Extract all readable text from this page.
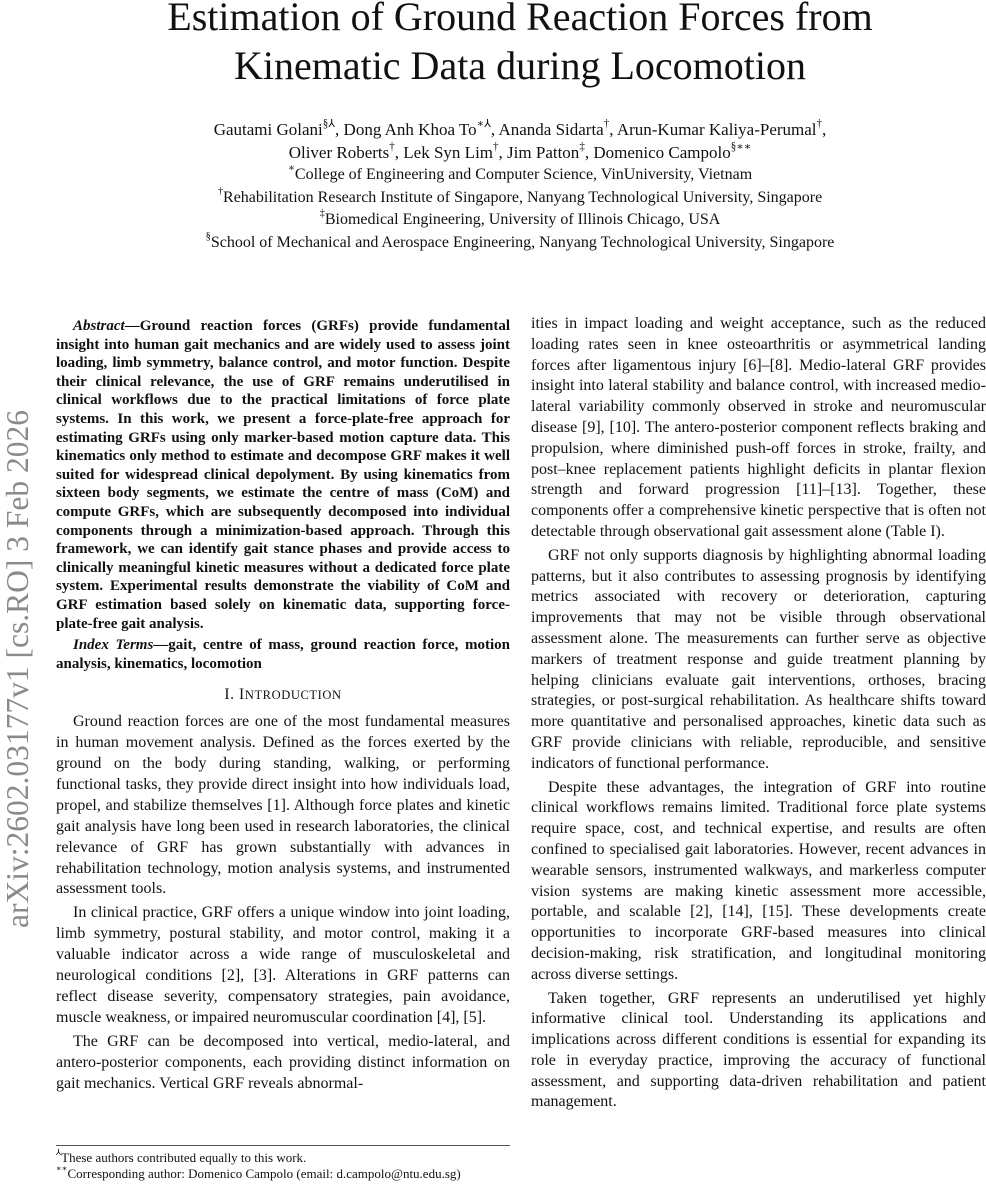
Estimation of Ground Reaction Forces from Kinematic Data during Locomotion
Gautami Golani§⅄, Dong Anh Khoa To∗⅄, Ananda Sidarta†, Arun-Kumar Kaliya-Perumal†,
Oliver Roberts†, Lek Syn Lim†, Jim Patton‡, Domenico Campolo§∗∗
∗College of Engineering and Computer Science, VinUniversity, Vietnam
†Rehabilitation Research Institute of Singapore, Nanyang Technological University, Singapore
‡Biomedical Engineering, University of Illinois Chicago, USA
§School of Mechanical and Aerospace Engineering, Nanyang Technological University, Singapore
arXiv:2602.03177v1 [cs.RO] 3 Feb 2026

Abstract—Ground reaction forces (GRFs) provide fundamental insight into human gait mechanics and are widely used to assess joint loading, limb symmetry, balance control, and motor function. Despite their clinical relevance, the use of GRF remains underutilised in clinical workflows due to the practical limitations of force plate systems. In this work, we present a force-plate-free approach for estimating GRFs using only marker-based motion capture data. This kinematics only method to estimate and decompose GRF makes it well suited for widespread clinical depolyment. By using kinematics from sixteen body segments, we estimate the centre of mass (CoM) and compute GRFs, which are subsequently decomposed into individual components through a minimization-based approach. Through this framework, we can identify gait stance phases and provide access to clinically meaningful kinetic measures without a dedicated force plate system. Experimental results demonstrate the viability of CoM and GRF estimation based solely on kinematic data, supporting force-plate-free gait analysis.

Index Terms—gait, centre of mass, ground reaction force, motion analysis, kinematics, locomotion

I. INTRODUCTION

Ground reaction forces are one of the most fundamental measures in human movement analysis. Defined as the forces exerted by the ground on the body during standing, walking, or performing functional tasks, they provide direct insight into how individuals load, propel, and stabilize themselves [1]. Although force plates and kinetic gait analysis have long been used in research laboratories, the clinical relevance of GRF has grown substantially with advances in rehabilitation technology, motion analysis systems, and instrumented assessment tools.

In clinical practice, GRF offers a unique window into joint loading, limb symmetry, postural stability, and motor control, making it a valuable indicator across a wide range of musculoskeletal and neurological conditions [2], [3]. Alterations in GRF patterns can reflect disease severity, compensatory strategies, pain avoidance, muscle weakness, or impaired neuromuscular coordination [4], [5].

The GRF can be decomposed into vertical, medio-lateral, and antero-posterior components, each providing distinct information on gait mechanics. Vertical GRF reveals abnormal-

ities in impact loading and weight acceptance, such as the reduced loading rates seen in knee osteoarthritis or asymmetrical landing forces after ligamentous injury [6]–[8]. Medio-lateral GRF provides insight into lateral stability and balance control, with increased medio-lateral variability commonly observed in stroke and neuromuscular disease [9], [10]. The antero-posterior component reflects braking and propulsion, where diminished push-off forces in stroke, frailty, and post–knee replacement patients highlight deficits in plantar flexion strength and forward progression [11]–[13]. Together, these components offer a comprehensive kinetic perspective that is often not detectable through observational gait assessment alone (Table I).

GRF not only supports diagnosis by highlighting abnormal loading patterns, but it also contributes to assessing prognosis by identifying metrics associated with recovery or deterioration, capturing improvements that may not be visible through observational assessment alone. The measurements can further serve as objective markers of treatment response and guide treatment planning by helping clinicians evaluate gait interventions, orthoses, bracing strategies, or post-surgical rehabilitation. As healthcare shifts toward more quantitative and personalised approaches, kinetic data such as GRF provide clinicians with reliable, reproducible, and sensitive indicators of functional performance.

Despite these advantages, the integration of GRF into routine clinical workflows remains limited. Traditional force plate systems require space, cost, and technical expertise, and results are often confined to specialised gait laboratories. However, recent advances in wearable sensors, instrumented walkways, and markerless computer vision systems are making kinetic assessment more accessible, portable, and scalable [2], [14], [15]. These developments create opportunities to incorporate GRF-based measures into clinical decision-making, risk stratification, and longitudinal monitoring across diverse settings.

Taken together, GRF represents an underutilised yet highly informative clinical tool. Understanding its applications and implications across different conditions is essential for expanding its role in everyday practice, improving the accuracy of functional assessment, and supporting data-driven rehabilitation and patient management.

⅄These authors contributed equally to this work.

∗∗Corresponding author: Domenico Campolo (email: d.campolo@ntu.edu.sg)
